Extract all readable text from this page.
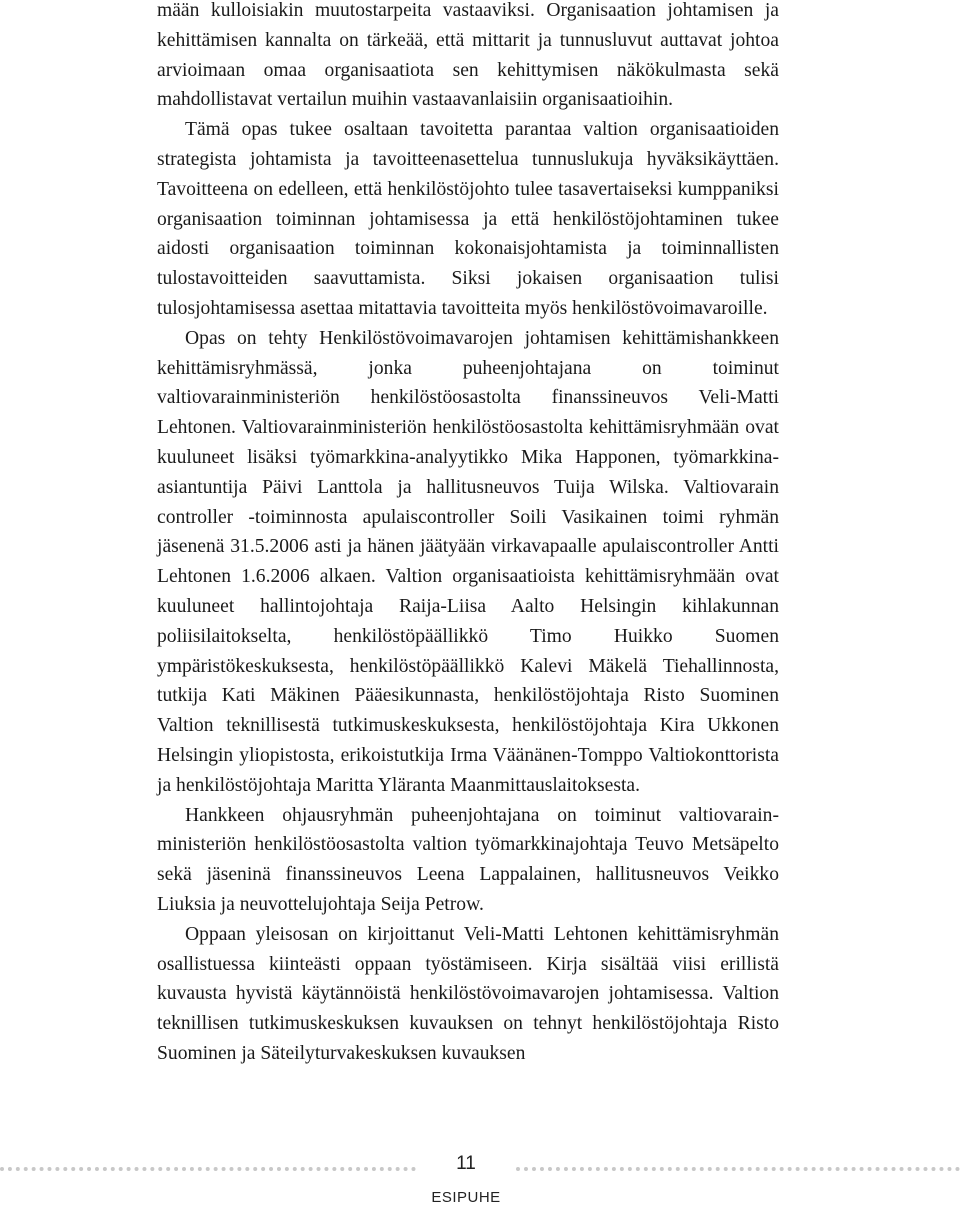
mään kulloisiakin muutostarpeita vastaaviksi. Organisaation johtamisen ja kehittämisen kannalta on tärkeää, että mittarit ja tunnusluvut auttavat johtoa arvioimaan omaa organisaatiota sen kehittymisen näkökulmasta sekä mahdollistavat vertailun muihin vastaavanlaisiin organisaatioihin.

Tämä opas tukee osaltaan tavoitetta parantaa valtion organisaatioiden strategista johtamista ja tavoitteenasettelua tunnuslukuja hyväksikäyttäen. Tavoitteena on edelleen, että henkilöstöjohto tulee tasavertaiseksi kumppaniksi organisaation toiminnan johtamisessa ja että henkilöstöjohtaminen tukee aidosti organisaation toiminnan kokonaisjohtamista ja toiminnallisten tulostavoitteiden saavuttamista. Siksi jokaisen organisaation tulisi tulosjohtamisessa asettaa mitattavia tavoitteita myös henkilöstövoimavaroille.

Opas on tehty Henkilöstövoimavarojen johtamisen kehittämishankkeen kehittämisryhmässä, jonka puheenjohtajana on toiminut valtiovarainministeriön henkilöstöosastolta finanssineuvos Veli-Matti Lehtonen. Valtiovarainministeriön henkilöstöosastolta kehittämisryhmään ovat kuuluneet lisäksi työmarkkina-analyytikko Mika Happonen, työmarkkina-asiantuntija Päivi Lanttola ja hallitusneuvos Tuija Wilska. Valtiovarain controller -toiminnosta apulaiscontroller Soili Vasikainen toimi ryhmän jäsenenä 31.5.2006 asti ja hänen jäätyään virkavapaalle apulaiscontroller Antti Lehtonen 1.6.2006 alkaen. Valtion organisaatioista kehittämisryhmään ovat kuuluneet hallintojohtaja Raija-Liisa Aalto Helsingin kihlakunnan poliisilaitokselta, henkilöstöpäällikkö Timo Huikko Suomen ympäristökeskuksesta, henkilöstöpäällikkö Kalevi Mäkelä Tiehallinnosta, tutkija Kati Mäkinen Pääesikunnasta, henkilöstöjohtaja Risto Suominen Valtion teknillisestä tutkimuskeskuksesta, henkilöstöjohtaja Kira Ukkonen Helsingin yliopistosta, erikoistutkija Irma Väänänen-Tomppo Valtiokonttorista ja henkilöstöjohtaja Maritta Yläranta Maanmittauslaitoksesta.

Hankkeen ohjausryhmän puheenjohtajana on toiminut valtiovarainministeriön henkilöstöosastolta valtion työmarkkinajohtaja Teuvo Metsäpelto sekä jäseninä finanssineuvos Leena Lappalainen, hallitusneuvos Veikko Liuksia ja neuvottelujohtaja Seija Petrow.

Oppaan yleisosan on kirjoittanut Veli-Matti Lehtonen kehittämisryhmän osallistuessa kiinteästi oppaan työstämiseen. Kirja sisältää viisi erillistä kuvausta hyvistä käytännöistä henkilöstövoimavarojen johtamisessa. Valtion teknillisen tutkimuskeskuksen kuvauksen on tehnyt henkilöstöjohtaja Risto Suominen ja Säteilyturvakeskuksen kuvauksen

11
ESIPUHE
